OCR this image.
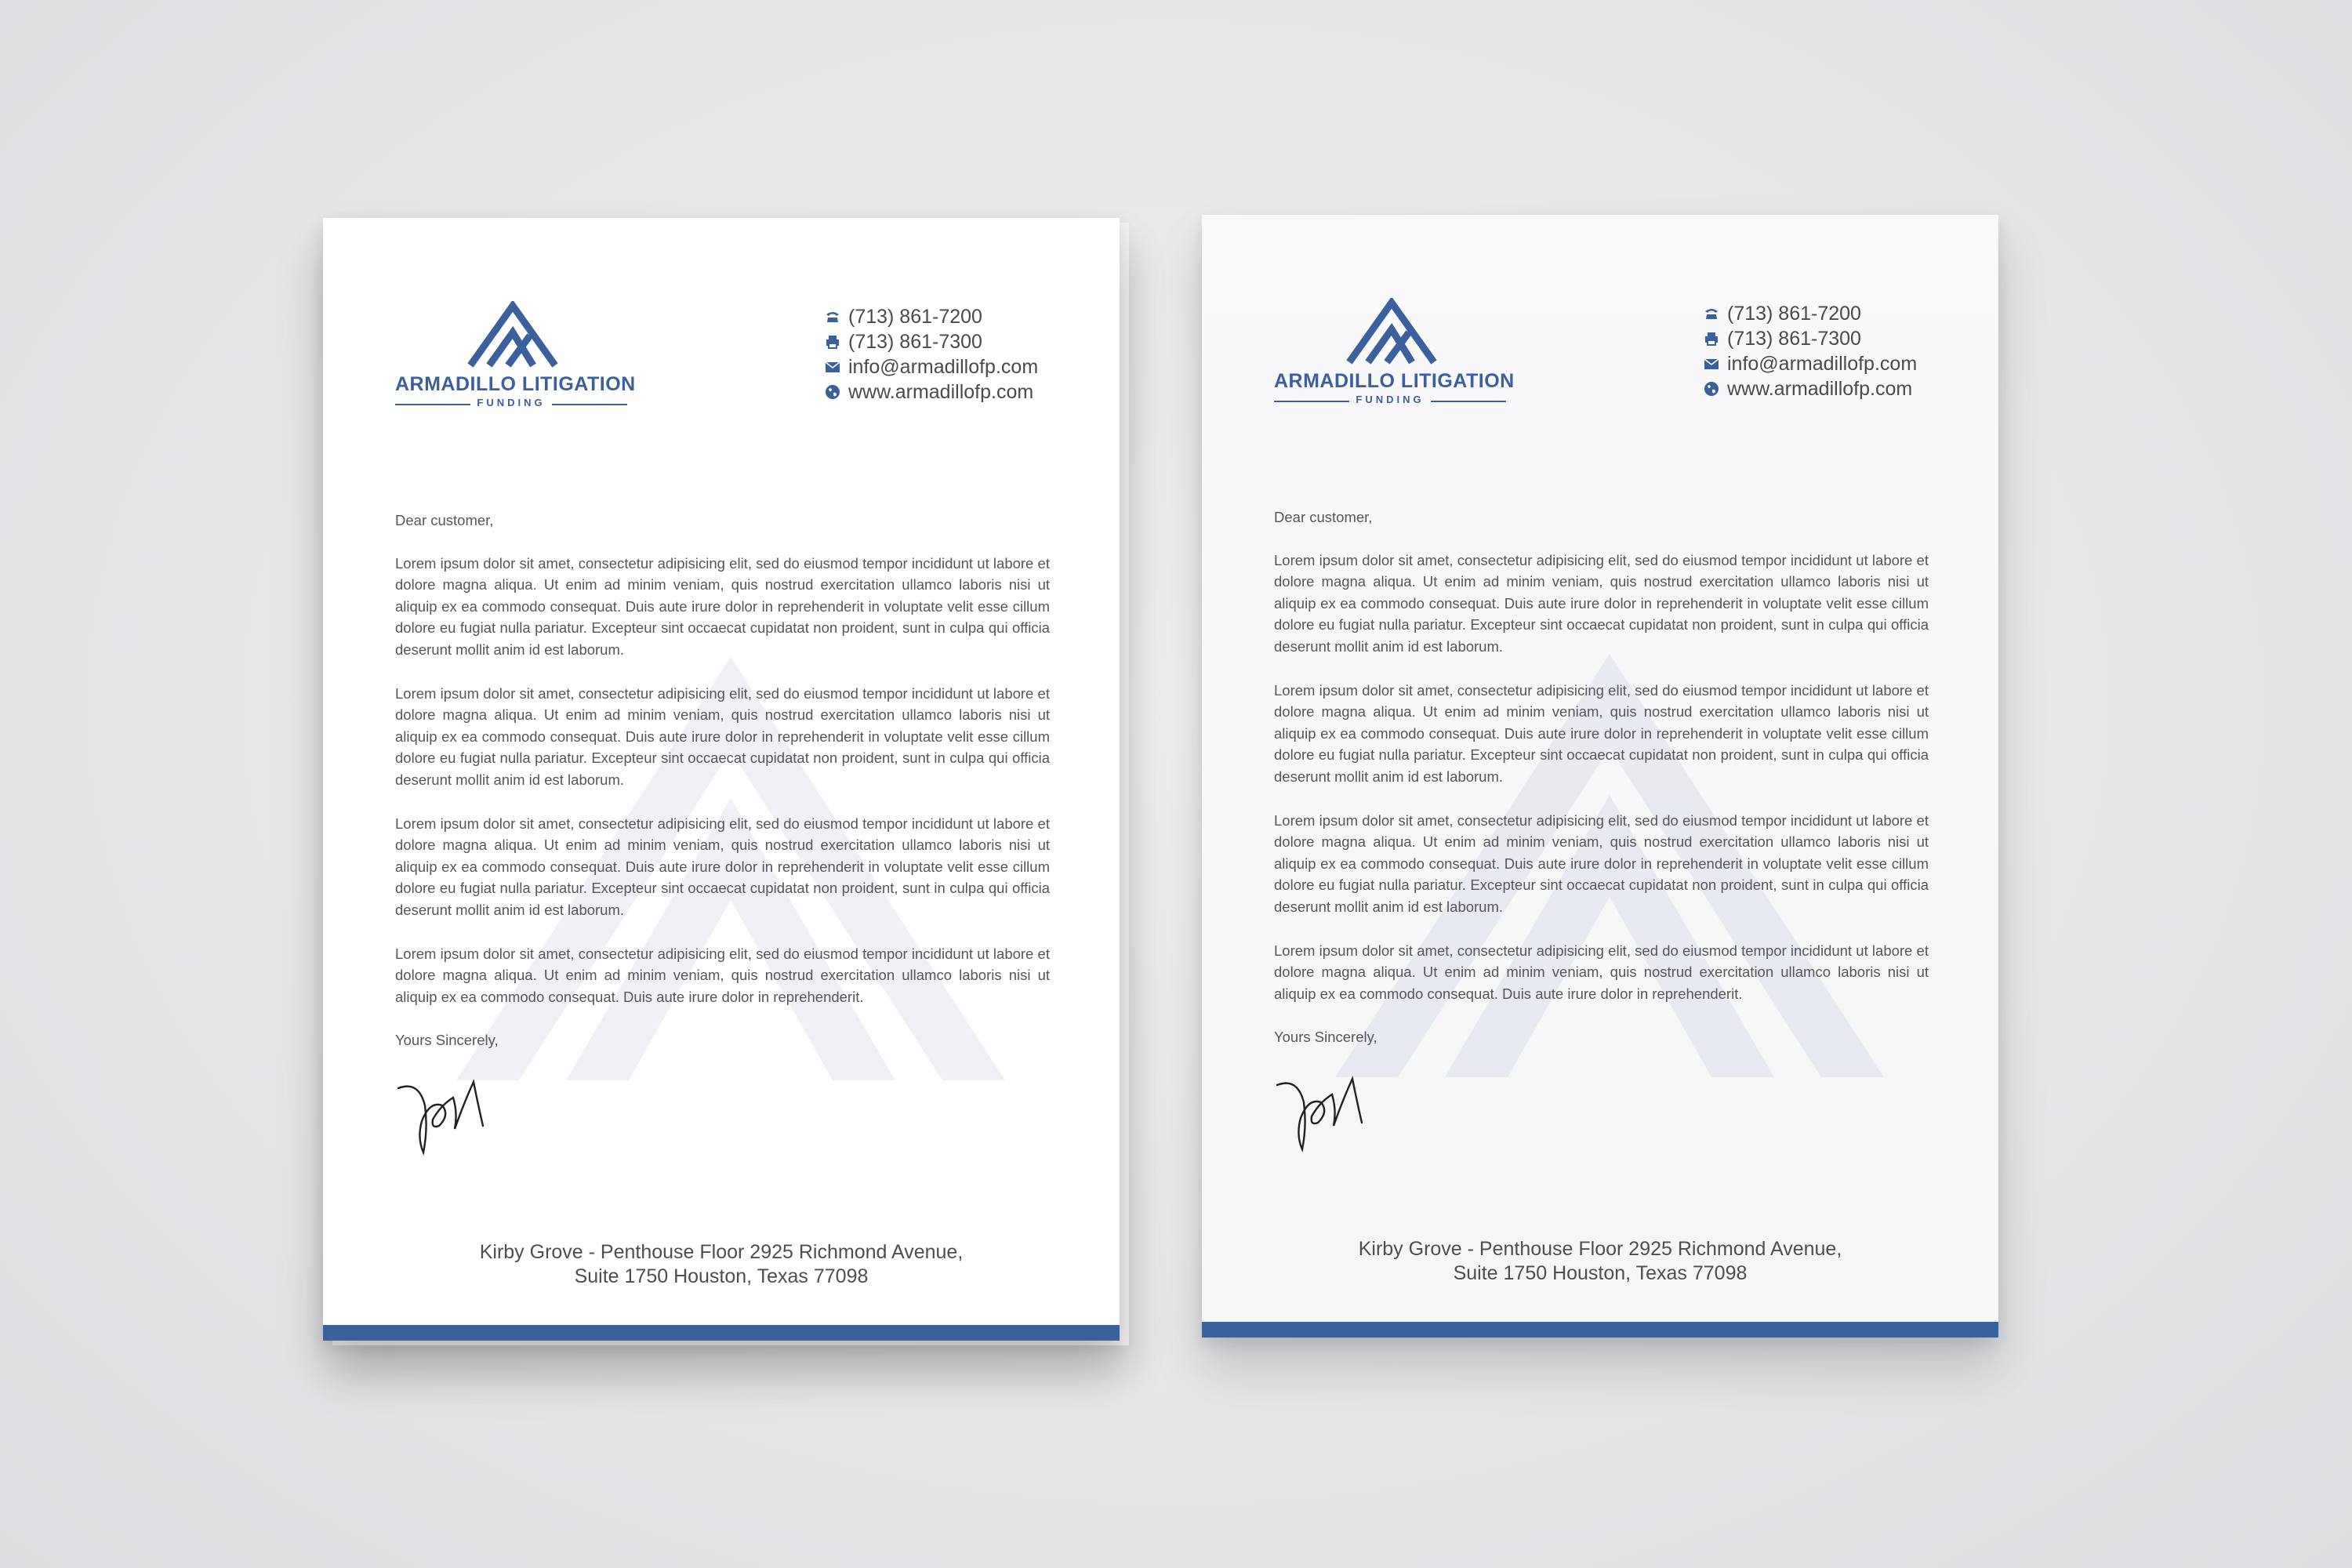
ARMADILLO LITIGATION
FUNDING
(713) 861-7200
(713) 861-7300
info@armadillofp.com
www.armadillofp.com

Dear customer,

Lorem ipsum dolor sit amet, consectetur adipisicing elit, sed do eiusmod tempor incididunt ut labore et dolore magna aliqua. Ut enim ad minim veniam, quis nostrud exercitation ullamco laboris nisi ut aliquip ex ea commodo consequat. Duis aute irure dolor in reprehenderit in voluptate velit esse cillum dolore eu fugiat nulla pariatur. Excepteur sint occaecat cupidatat non proident, sunt in culpa qui officia deserunt mollit anim id est laborum.

Lorem ipsum dolor sit amet, consectetur adipisicing elit, sed do eiusmod tempor incididunt ut labore et dolore magna aliqua. Ut enim ad minim veniam, quis nostrud exercitation ullamco laboris nisi ut aliquip ex ea commodo consequat. Duis aute irure dolor in reprehenderit in voluptate velit esse cillum dolore eu fugiat nulla pariatur. Excepteur sint occaecat cupidatat non proident, sunt in culpa qui officia deserunt mollit anim id est laborum.

Lorem ipsum dolor sit amet, consectetur adipisicing elit, sed do eiusmod tempor incididunt ut labore et dolore magna aliqua. Ut enim ad minim veniam, quis nostrud exercitation ullamco laboris nisi ut aliquip ex ea commodo consequat. Duis aute irure dolor in reprehenderit in voluptate velit esse cillum dolore eu fugiat nulla pariatur. Excepteur sint occaecat cupidatat non proident, sunt in culpa qui officia deserunt mollit anim id est laborum.

Lorem ipsum dolor sit amet, consectetur adipisicing elit, sed do eiusmod tempor incididunt ut labore et dolore magna aliqua. Ut enim ad minim veniam, quis nostrud exercitation ullamco laboris nisi ut aliquip ex ea commodo consequat. Duis aute irure dolor in reprehenderit.

Yours Sincerely,

Kirby Grove - Penthouse Floor 2925 Richmond Avenue,
Suite 1750 Houston, Texas 77098
ARMADILLO LITIGATION
FUNDING
(713) 861-7200
(713) 861-7300
info@armadillofp.com
www.armadillofp.com

Dear customer,

Lorem ipsum dolor sit amet, consectetur adipisicing elit, sed do eiusmod tempor incididunt ut labore et dolore magna aliqua. Ut enim ad minim veniam, quis nostrud exercitation ullamco laboris nisi ut aliquip ex ea commodo consequat. Duis aute irure dolor in reprehenderit in voluptate velit esse cillum dolore eu fugiat nulla pariatur. Excepteur sint occaecat cupidatat non proident, sunt in culpa qui officia deserunt mollit anim id est laborum.

Lorem ipsum dolor sit amet, consectetur adipisicing elit, sed do eiusmod tempor incididunt ut labore et dolore magna aliqua. Ut enim ad minim veniam, quis nostrud exercitation ullamco laboris nisi ut aliquip ex ea commodo consequat. Duis aute irure dolor in reprehenderit in voluptate velit esse cillum dolore eu fugiat nulla pariatur. Excepteur sint occaecat cupidatat non proident, sunt in culpa qui officia deserunt mollit anim id est laborum.

Lorem ipsum dolor sit amet, consectetur adipisicing elit, sed do eiusmod tempor incididunt ut labore et dolore magna aliqua. Ut enim ad minim veniam, quis nostrud exercitation ullamco laboris nisi ut aliquip ex ea commodo consequat. Duis aute irure dolor in reprehenderit in voluptate velit esse cillum dolore eu fugiat nulla pariatur. Excepteur sint occaecat cupidatat non proident, sunt in culpa qui officia deserunt mollit anim id est laborum.

Lorem ipsum dolor sit amet, consectetur adipisicing elit, sed do eiusmod tempor incididunt ut labore et dolore magna aliqua. Ut enim ad minim veniam, quis nostrud exercitation ullamco laboris nisi ut aliquip ex ea commodo consequat. Duis aute irure dolor in reprehenderit.

Yours Sincerely,

Kirby Grove - Penthouse Floor 2925 Richmond Avenue,
Suite 1750 Houston, Texas 77098
